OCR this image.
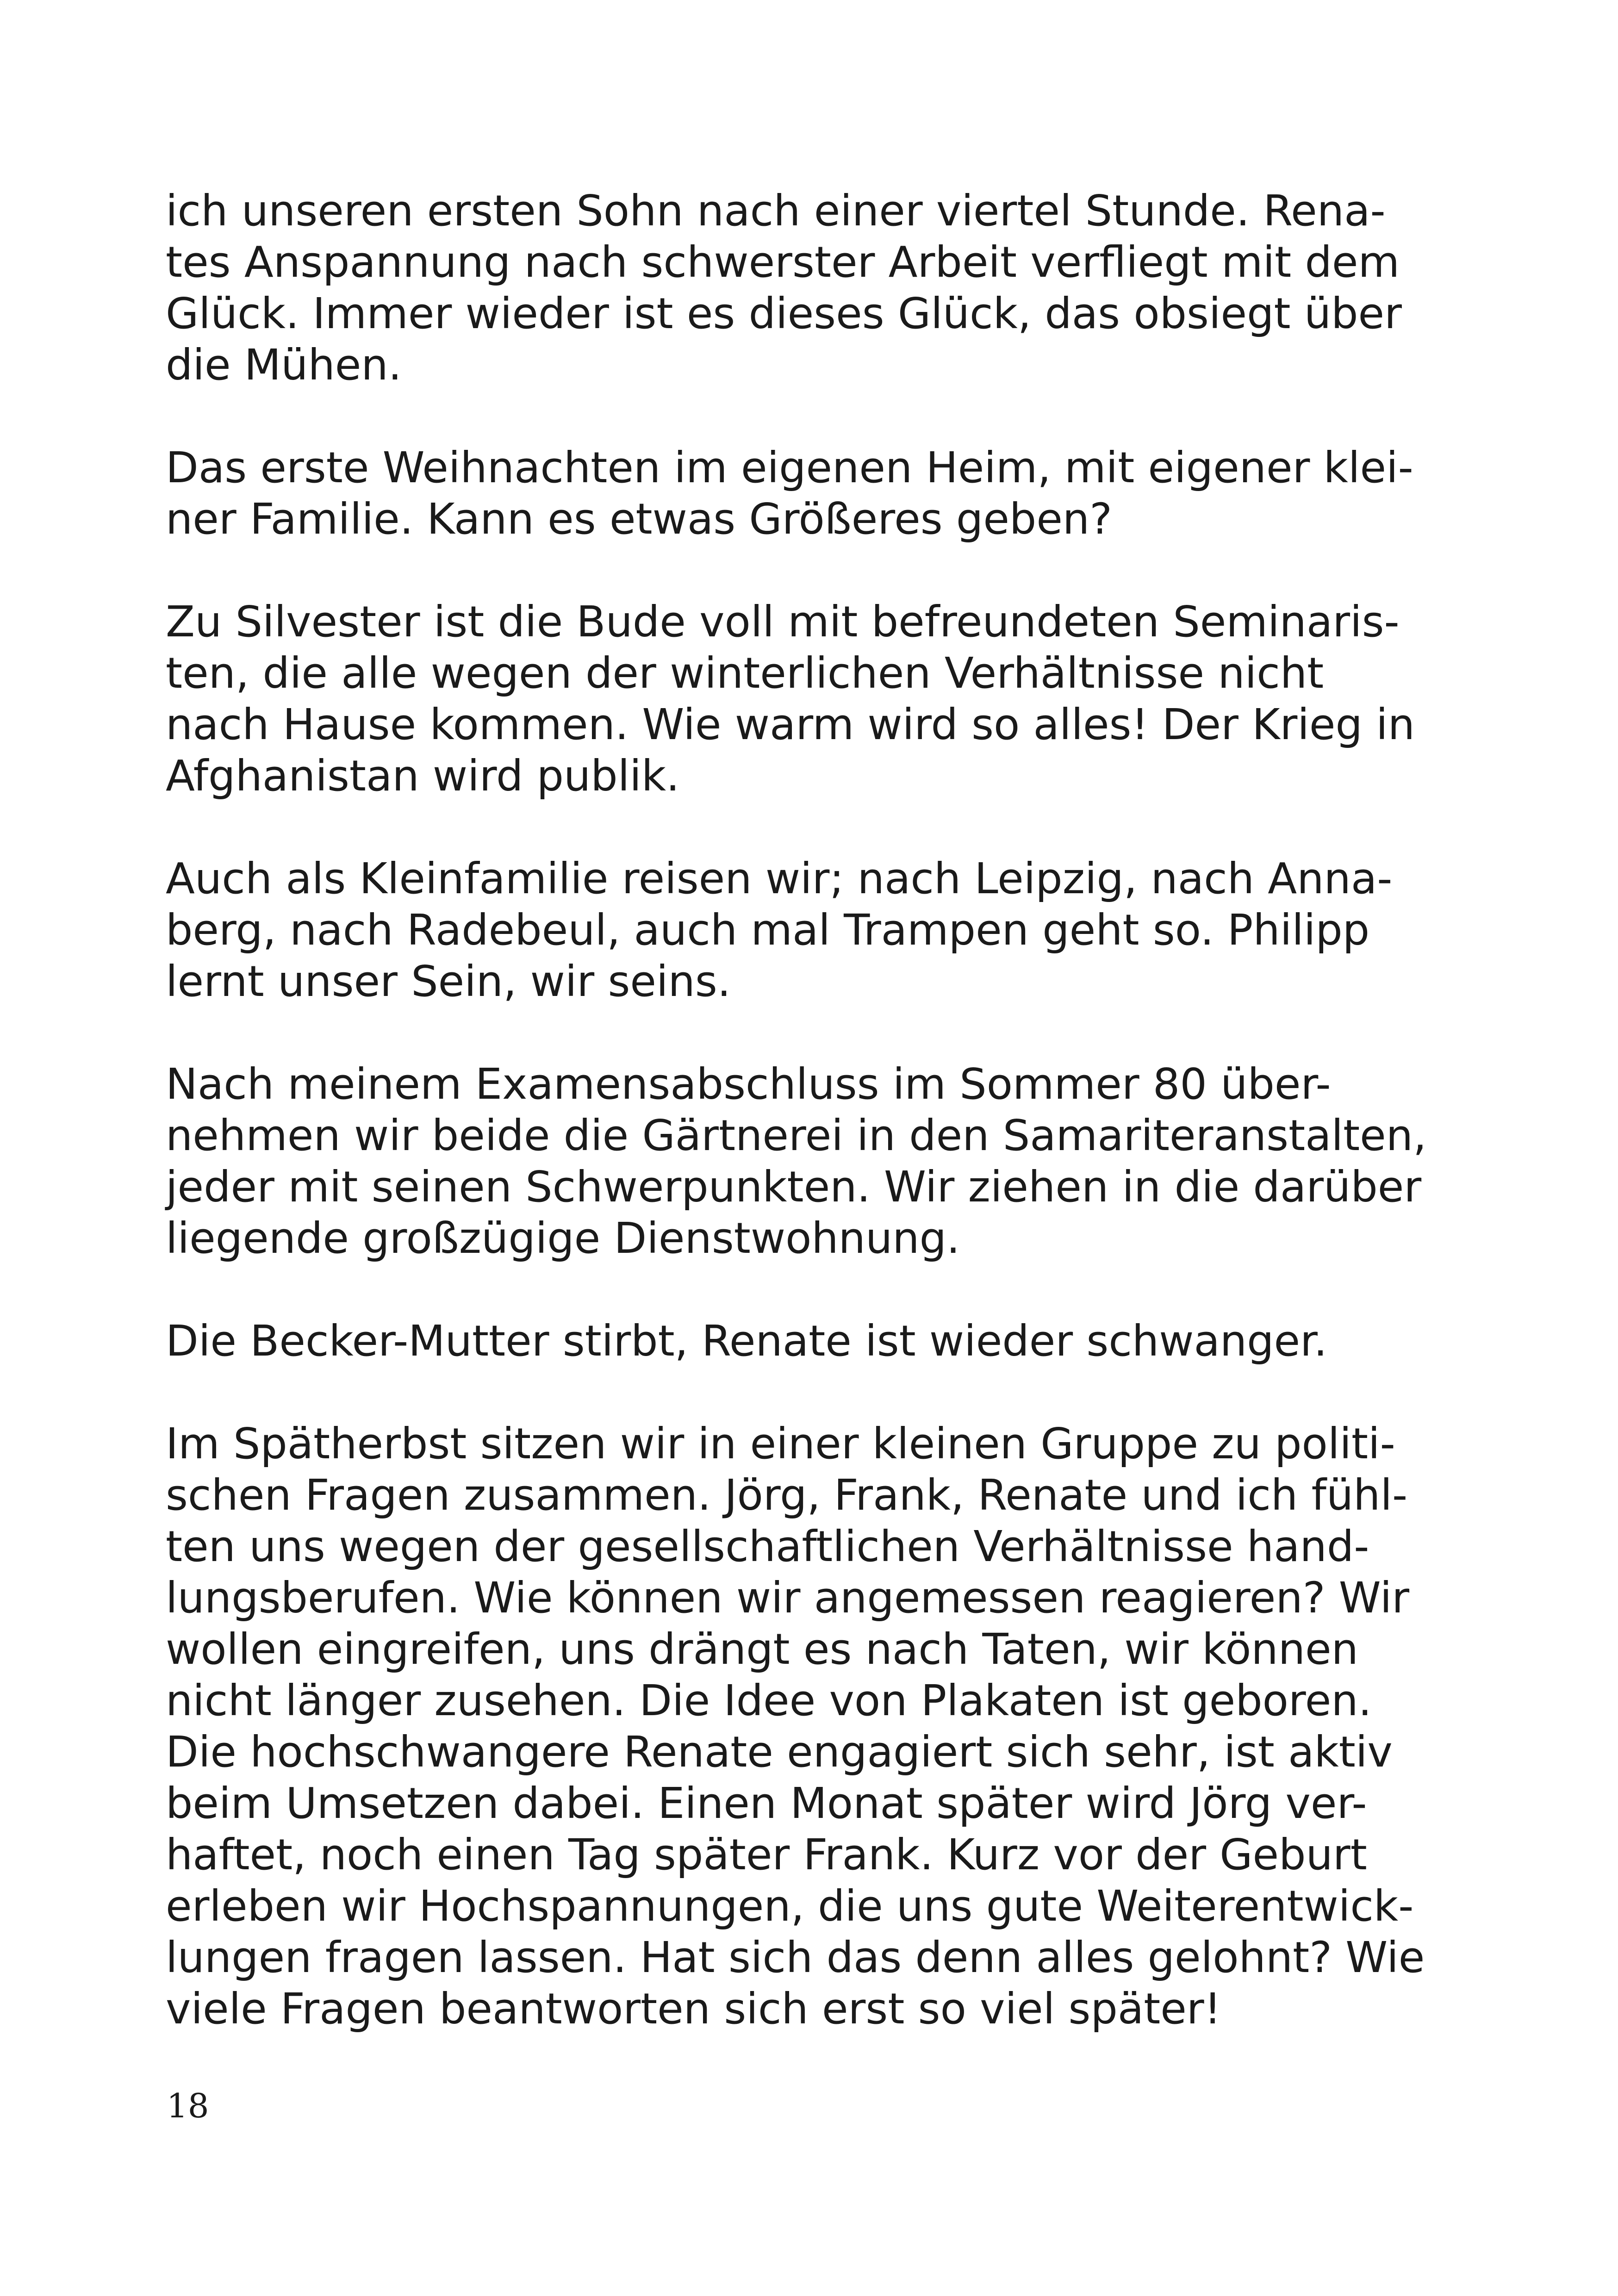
ich unseren ersten Sohn nach einer viertel Stunde. Rena-
tes Anspannung nach schwerster Arbeit verfliegt mit dem
Glück. Immer wieder ist es dieses Glück, das obsiegt über
die Mühen.
Das erste Weihnachten im eigenen Heim, mit eigener klei-
ner Familie. Kann es etwas Größeres geben?
Zu Silvester ist die Bude voll mit befreundeten Seminaris-
ten, die alle wegen der winterlichen Verhältnisse nicht
nach Hause kommen. Wie warm wird so alles! Der Krieg in
Afghanistan wird publik.
Auch als Kleinfamilie reisen wir; nach Leipzig, nach Anna-
berg, nach Radebeul, auch mal Trampen geht so. Philipp
lernt unser Sein, wir seins.
Nach meinem Examensabschluss im Sommer 80 über-
nehmen wir beide die Gärtnerei in den Samariteranstalten,
jeder mit seinen Schwerpunkten. Wir ziehen in die darüber
liegende großzügige Dienstwohnung.
Die Becker-Mutter stirbt, Renate ist wieder schwanger.
Im Spätherbst sitzen wir in einer kleinen Gruppe zu politi-
schen Fragen zusammen. Jörg, Frank, Renate und ich fühl-
ten uns wegen der gesellschaftlichen Verhältnisse hand-
lungsberufen. Wie können wir angemessen reagieren? Wir
wollen eingreifen, uns drängt es nach Taten, wir können
nicht länger zusehen. Die Idee von Plakaten ist geboren.
Die hochschwangere Renate engagiert sich sehr, ist aktiv
beim Umsetzen dabei. Einen Monat später wird Jörg ver-
haftet, noch einen Tag später Frank. Kurz vor der Geburt
erleben wir Hochspannungen, die uns gute Weiterentwick-
lungen fragen lassen. Hat sich das denn alles gelohnt? Wie
viele Fragen beantworten sich erst so viel später!
18
